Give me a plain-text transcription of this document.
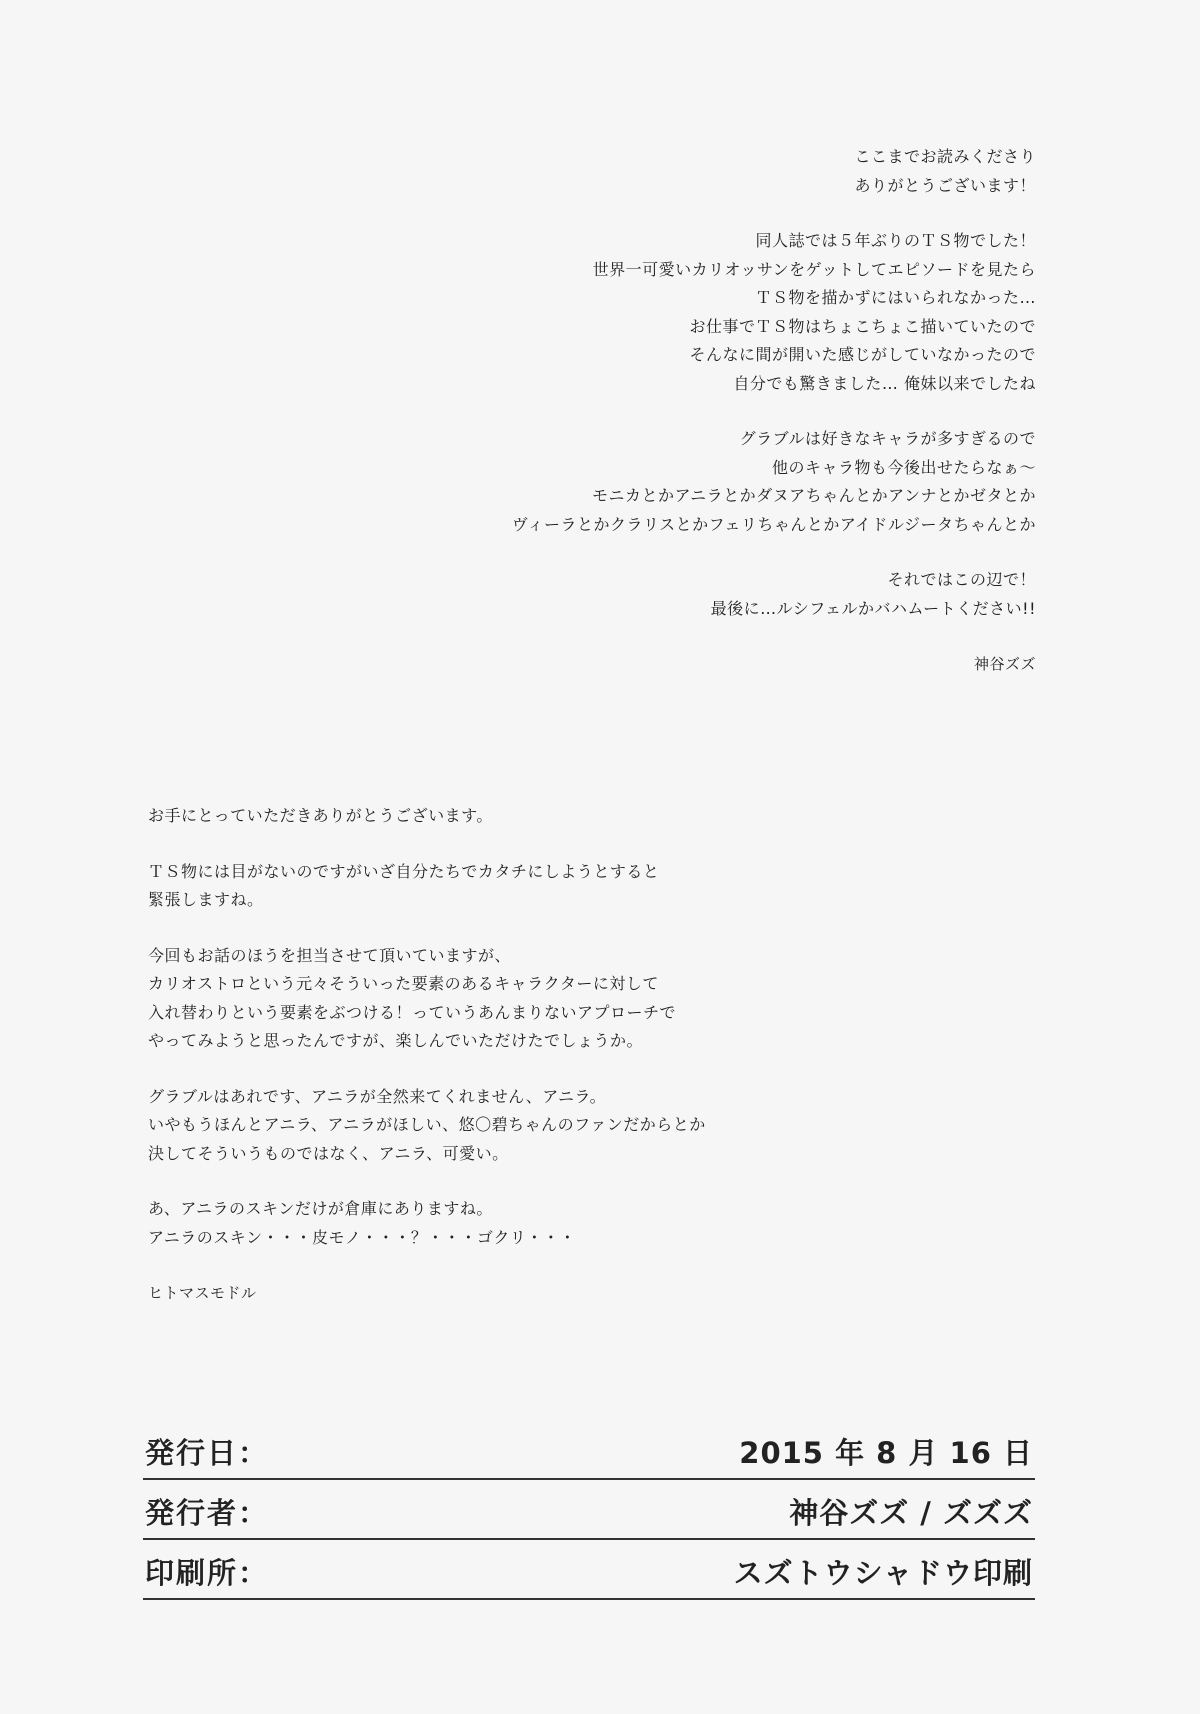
ここまでお読みくださり
ありがとうございます！
同人誌では５年ぶりのＴＳ物でした！
世界一可愛いカリオッサンをゲットしてエピソードを見たら
ＴＳ物を描かずにはいられなかった…
お仕事でＴＳ物はちょこちょこ描いていたので
そんなに間が開いた感じがしていなかったので
自分でも驚きました… 俺妹以来でしたね
グラブルは好きなキャラが多すぎるので
他のキャラ物も今後出せたらなぁ～
モニカとかアニラとかダヌアちゃんとかアンナとかゼタとか
ヴィーラとかクラリスとかフェリちゃんとかアイドルジータちゃんとか
それではこの辺で！
最後に…ルシフェルかバハムートください!!
神谷ズズ
お手にとっていただきありがとうございます。
ＴＳ物には目がないのですがいざ自分たちでカタチにしようとすると
緊張しますね。
今回もお話のほうを担当させて頂いていますが、
カリオストロという元々そういった要素のあるキャラクターに対して
入れ替わりという要素をぶつける！っていうあんまりないアプローチで
やってみようと思ったんですが、楽しんでいただけたでしょうか。
グラブルはあれです、アニラが全然来てくれません、アニラ。
いやもうほんとアニラ、アニラがほしい、悠〇碧ちゃんのファンだからとか
決してそういうものではなく、アニラ、可愛い。
あ、アニラのスキンだけが倉庫にありますね。
アニラのスキン・・・皮モノ・・・？・・・ゴクリ・・・
ヒトマスモドル
発行日：	2015 年 8 月 16 日
発行者：	神谷ズズ / ズズズ
印刷所：	スズトウシャドウ印刷
